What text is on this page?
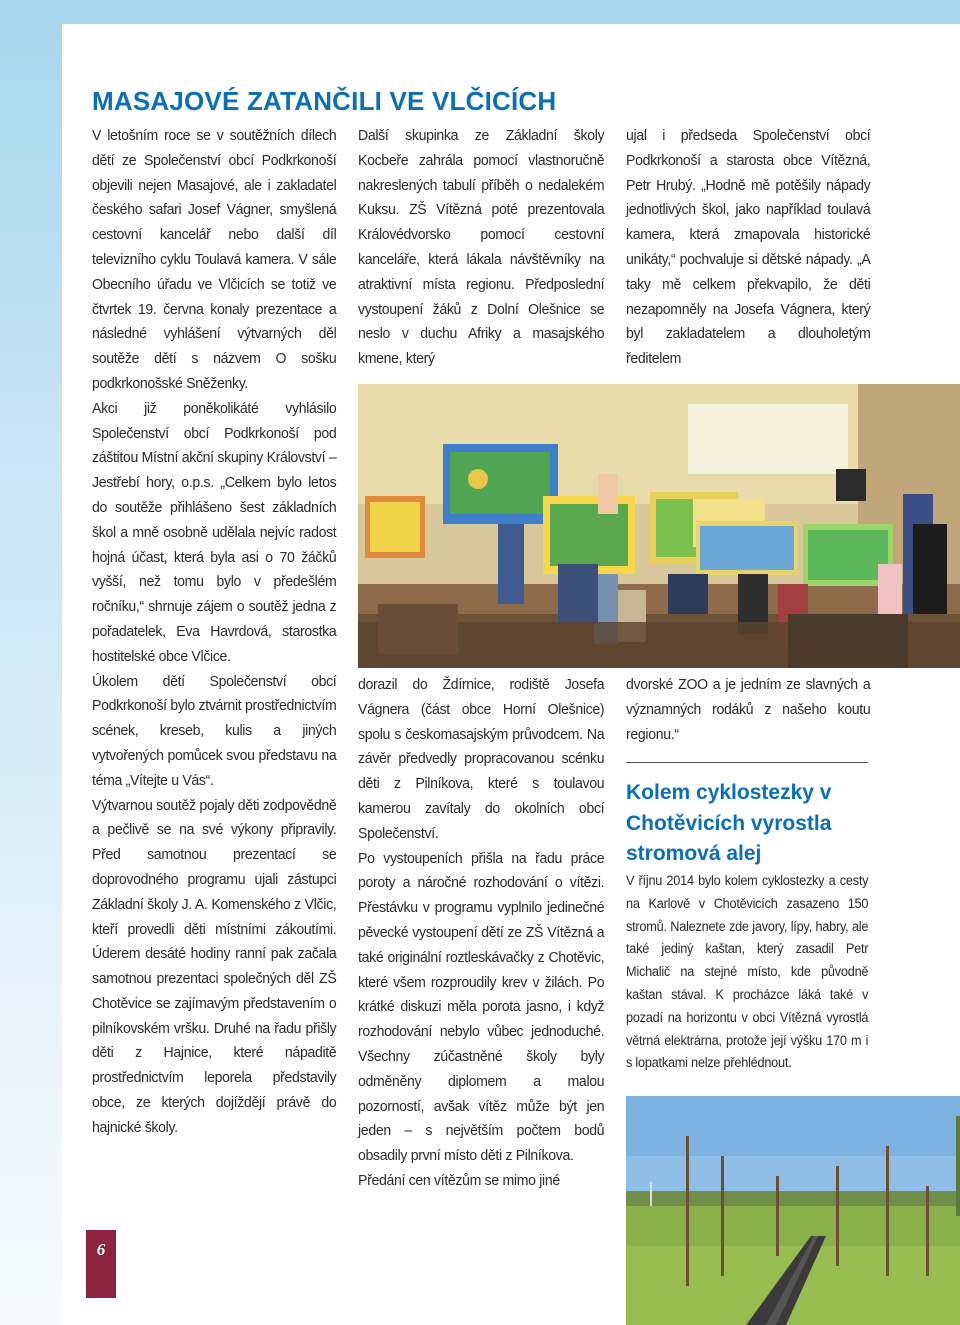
MASAJOVÉ ZATANČILI VE VLČICÍCH

V letošním roce se v soutěžních dílech dětí ze Společenství obcí Podkrkonoší objevili nejen Masajové, ale i zakladatel českého safari Josef Vágner, smyšlená cestovní kancelář nebo další díl televizního cyklu Toulavá kamera. V sále Obecního úřadu ve Vlčicích se totiž ve čtvrtek 19. června konaly prezentace a následné vyhlášení výtvarných děl soutěže dětí s názvem O sošku podkrkonošské Sněženky.

Akci již poněkolikáté vyhlásilo Společenství obcí Podkrkonoší pod záštitou Místní akční skupiny Království – Jestřebí hory, o.p.s. „Celkem bylo letos do soutěže přihlášeno šest základních škol a mně osobně udělala nejvíc radost hojná účast, která byla asi o 70 žáčků vyšší, než tomu bylo v předešlém ročníku,“ shrnuje zájem o soutěž jedna z pořadatelek, Eva Havrdová, starostka hostitelské obce Vlčice.

Úkolem dětí Společenství obcí Podkrkonoší bylo ztvárnit prostřednictvím scének, kreseb, kulis a jiných vytvořených pomůcek svou představu na téma „Vítejte u Vás“.

Výtvarnou soutěž pojaly děti zodpovědně a pečlivě se na své výkony připravily. Před samotnou prezentací se doprovodného programu ujali zástupci Základní školy J. A. Komenského z Vlčic, kteří provedli děti místními zákoutími. Úderem desáté hodiny ranní pak začala samotnou prezentaci společných děl ZŠ Chotěvice se zajímavým představením o pilníkovském vršku. Druhé na řadu přišly děti z Hajnice, které nápaditě prostřednictvím leporela představily obce, ze kterých dojíždějí právě do hajnické školy.

Další skupinka ze Základní školy Kocbeře zahrála pomocí vlastnoručně nakreslených tabulí příběh o nedalekém Kuksu. ZŠ Vítězná poté prezentovala Královédvorsko pomocí cestovní kanceláře, která lákala návštěvníky na atraktivní místa regionu. Předposlední vystoupení žáků z Dolní Olešnice se neslo v duchu Afriky a masajského kmene, který

ujal i předseda Společenství obcí Podkrkonoší a starosta obce Vítězná, Petr Hrubý. „Hodně mě potěšily nápady jednotlivých škol, jako například toulavá kamera, která zmapovala historické unikáty,“ pochvaluje si dětské nápady. „A taky mě celkem překvapilo, že děti nezapomněly na Josefa Vágnera, který byl zakladatelem a dlouholetým ředitelem

dorazil do Ždírnice, rodiště Josefa Vágnera (část obce Horní Olešnice) spolu s českomasajským průvodcem. Na závěr předvedly propracovanou scénku děti z Pilníkova, které s toulavou kamerou zavítaly do okolních obcí Společenství.

Po vystoupeních přišla na řadu práce poroty a náročné rozhodování o vítězi. Přestávku v programu vyplnilo jedinečné pěvecké vystoupení dětí ze ZŠ Vítězná a také originální roztleskávačky z Chotěvic, které všem rozproudily krev v žilách. Po krátké diskuzi měla porota jasno, i když rozhodování nebylo vůbec jednoduché. Všechny zúčastněné školy byly odměněny diplomem a malou pozorností, avšak vítěz může být jen jeden – s největším počtem bodů obsadily první místo děti z Pilníkova.

Předání cen vítězům se mimo jiné

dvorské ZOO a je jedním ze slavných a významných rodáků z našeho koutu regionu.“

Kolem cyklostezky v Chotěvicích vyrostla stromová alej

V říjnu 2014 bylo kolem cyklostezky a cesty na Karlově v Chotěvicích zasazeno 150 stromů. Naleznete zde javory, lípy, habry, ale také jediný kaštan, který zasadil Petr Michalič na stejné místo, kde původně kaštan stával. K procházce láká také v pozadí na horizontu v obci Vítězná vyrostlá větrná elektrárna, protože její výšku 170 m i s lopatkami nelze přehlédnout.

6
